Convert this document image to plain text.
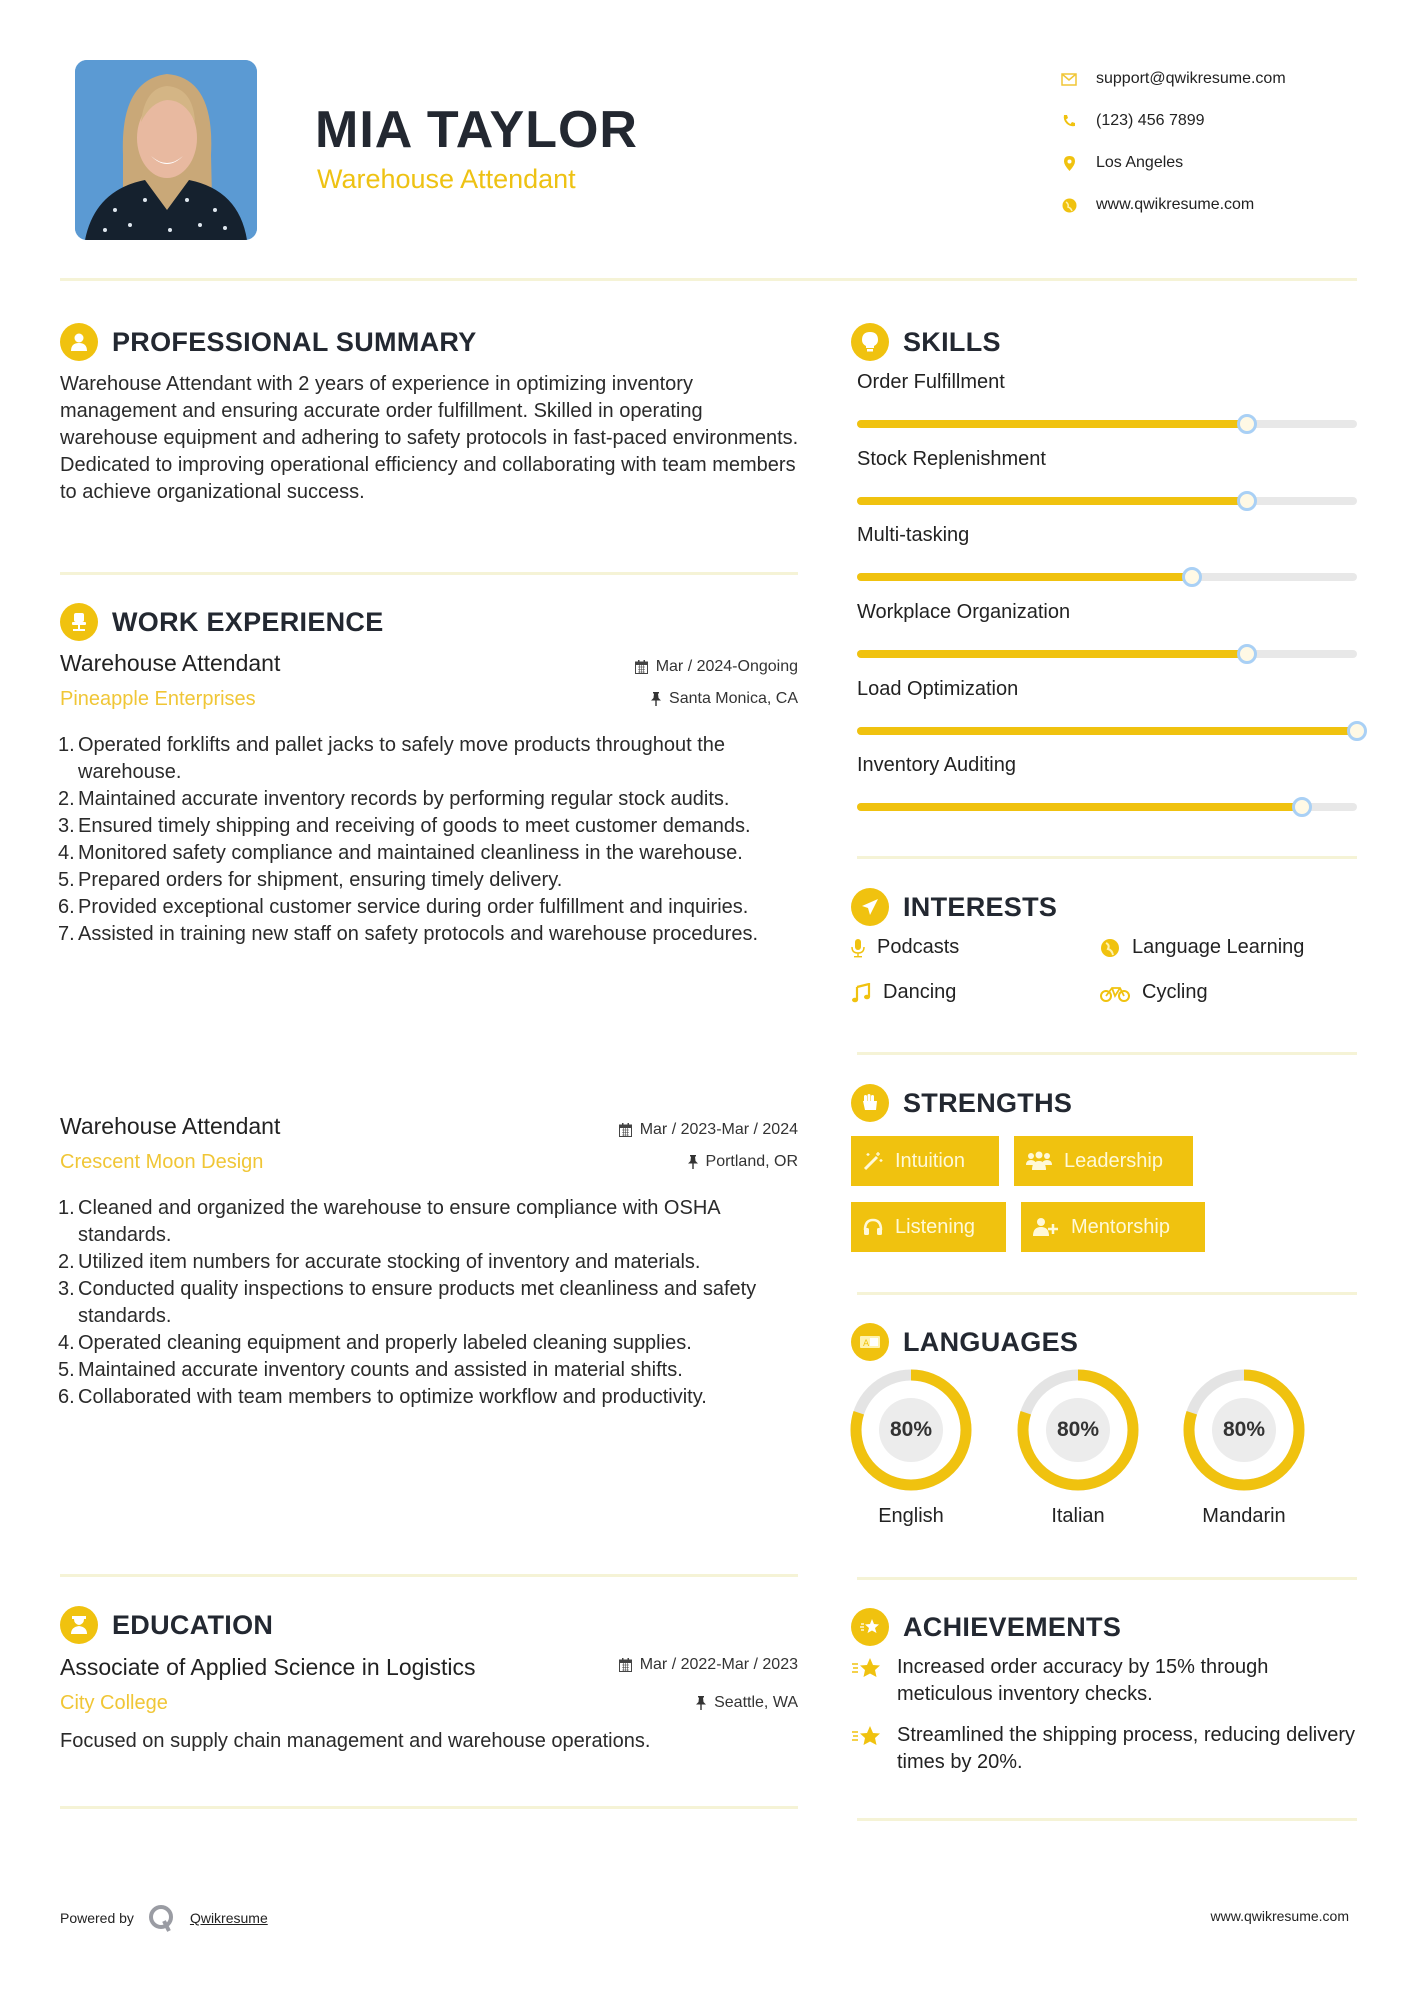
MIA TAYLOR
Warehouse Attendant
support@qwikresume.com
(123) 456 7899
Los Angeles
www.qwikresume.com
PROFESSIONAL SUMMARY
Warehouse Attendant with 2 years of experience in optimizing inventory management and ensuring accurate order fulfillment. Skilled in operating warehouse equipment and adhering to safety protocols in fast-paced environments. Dedicated to improving operational efficiency and collaborating with team members to achieve organizational success.
WORK EXPERIENCE
Warehouse Attendant
Pineapple Enterprises
Mar / 2024-Ongoing
Santa Monica, CA
1. Operated forklifts and pallet jacks to safely move products throughout the warehouse.
2. Maintained accurate inventory records by performing regular stock audits.
3. Ensured timely shipping and receiving of goods to meet customer demands.
4. Monitored safety compliance and maintained cleanliness in the warehouse.
5. Prepared orders for shipment, ensuring timely delivery.
6. Provided exceptional customer service during order fulfillment and inquiries.
7. Assisted in training new staff on safety protocols and warehouse procedures.
Warehouse Attendant
Crescent Moon Design
Mar / 2023-Mar / 2024
Portland, OR
1. Cleaned and organized the warehouse to ensure compliance with OSHA standards.
2. Utilized item numbers for accurate stocking of inventory and materials.
3. Conducted quality inspections to ensure products met cleanliness and safety standards.
4. Operated cleaning equipment and properly labeled cleaning supplies.
5. Maintained accurate inventory counts and assisted in material shifts.
6. Collaborated with team members to optimize workflow and productivity.
EDUCATION
Associate of Applied Science in Logistics
City College
Mar / 2022-Mar / 2023
Seattle, WA
Focused on supply chain management and warehouse operations.
SKILLS
Order Fulfillment
Stock Replenishment
Multi-tasking
Workplace Organization
Load Optimization
Inventory Auditing
INTERESTS
Podcasts	Language Learning
Dancing	Cycling
STRENGTHS
Intuition	Leadership
Listening	Mentorship
A LANGUAGES
80%
English
80%
Italian
80%
Mandarin
ACHIEVEMENTS
Increased order accuracy by 15% through meticulous inventory checks.
Streamlined the shipping process, reducing delivery times by 20%.
Powered by	Qwikresume	www.qwikresume.com
